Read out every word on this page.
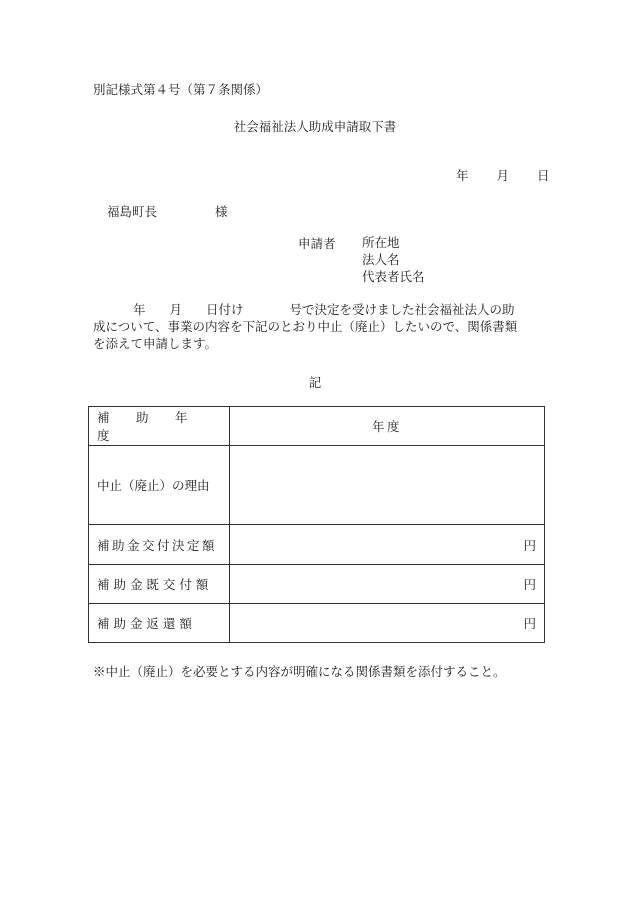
別記様式第４号（第７条関係）
社会福祉法人助成申請取下書
年 月 日
福島町長	様
申請者 所在地
法人名
代表者氏名
年 月 日付け	号で決定を受けました社会福祉法人の助
成について、事業の内容を下記のとおり中止（廃止）したいので、関係書類
を添えて申請します。
記
補 助 年 度	年度
中止（廃止）の理由	
補助金交付決定額	円
補 助 金 既 交 付 額	円
補 助 金 返 還 額	円
※中止（廃止）を必要とする内容が明確になる関係書類を添付すること。
